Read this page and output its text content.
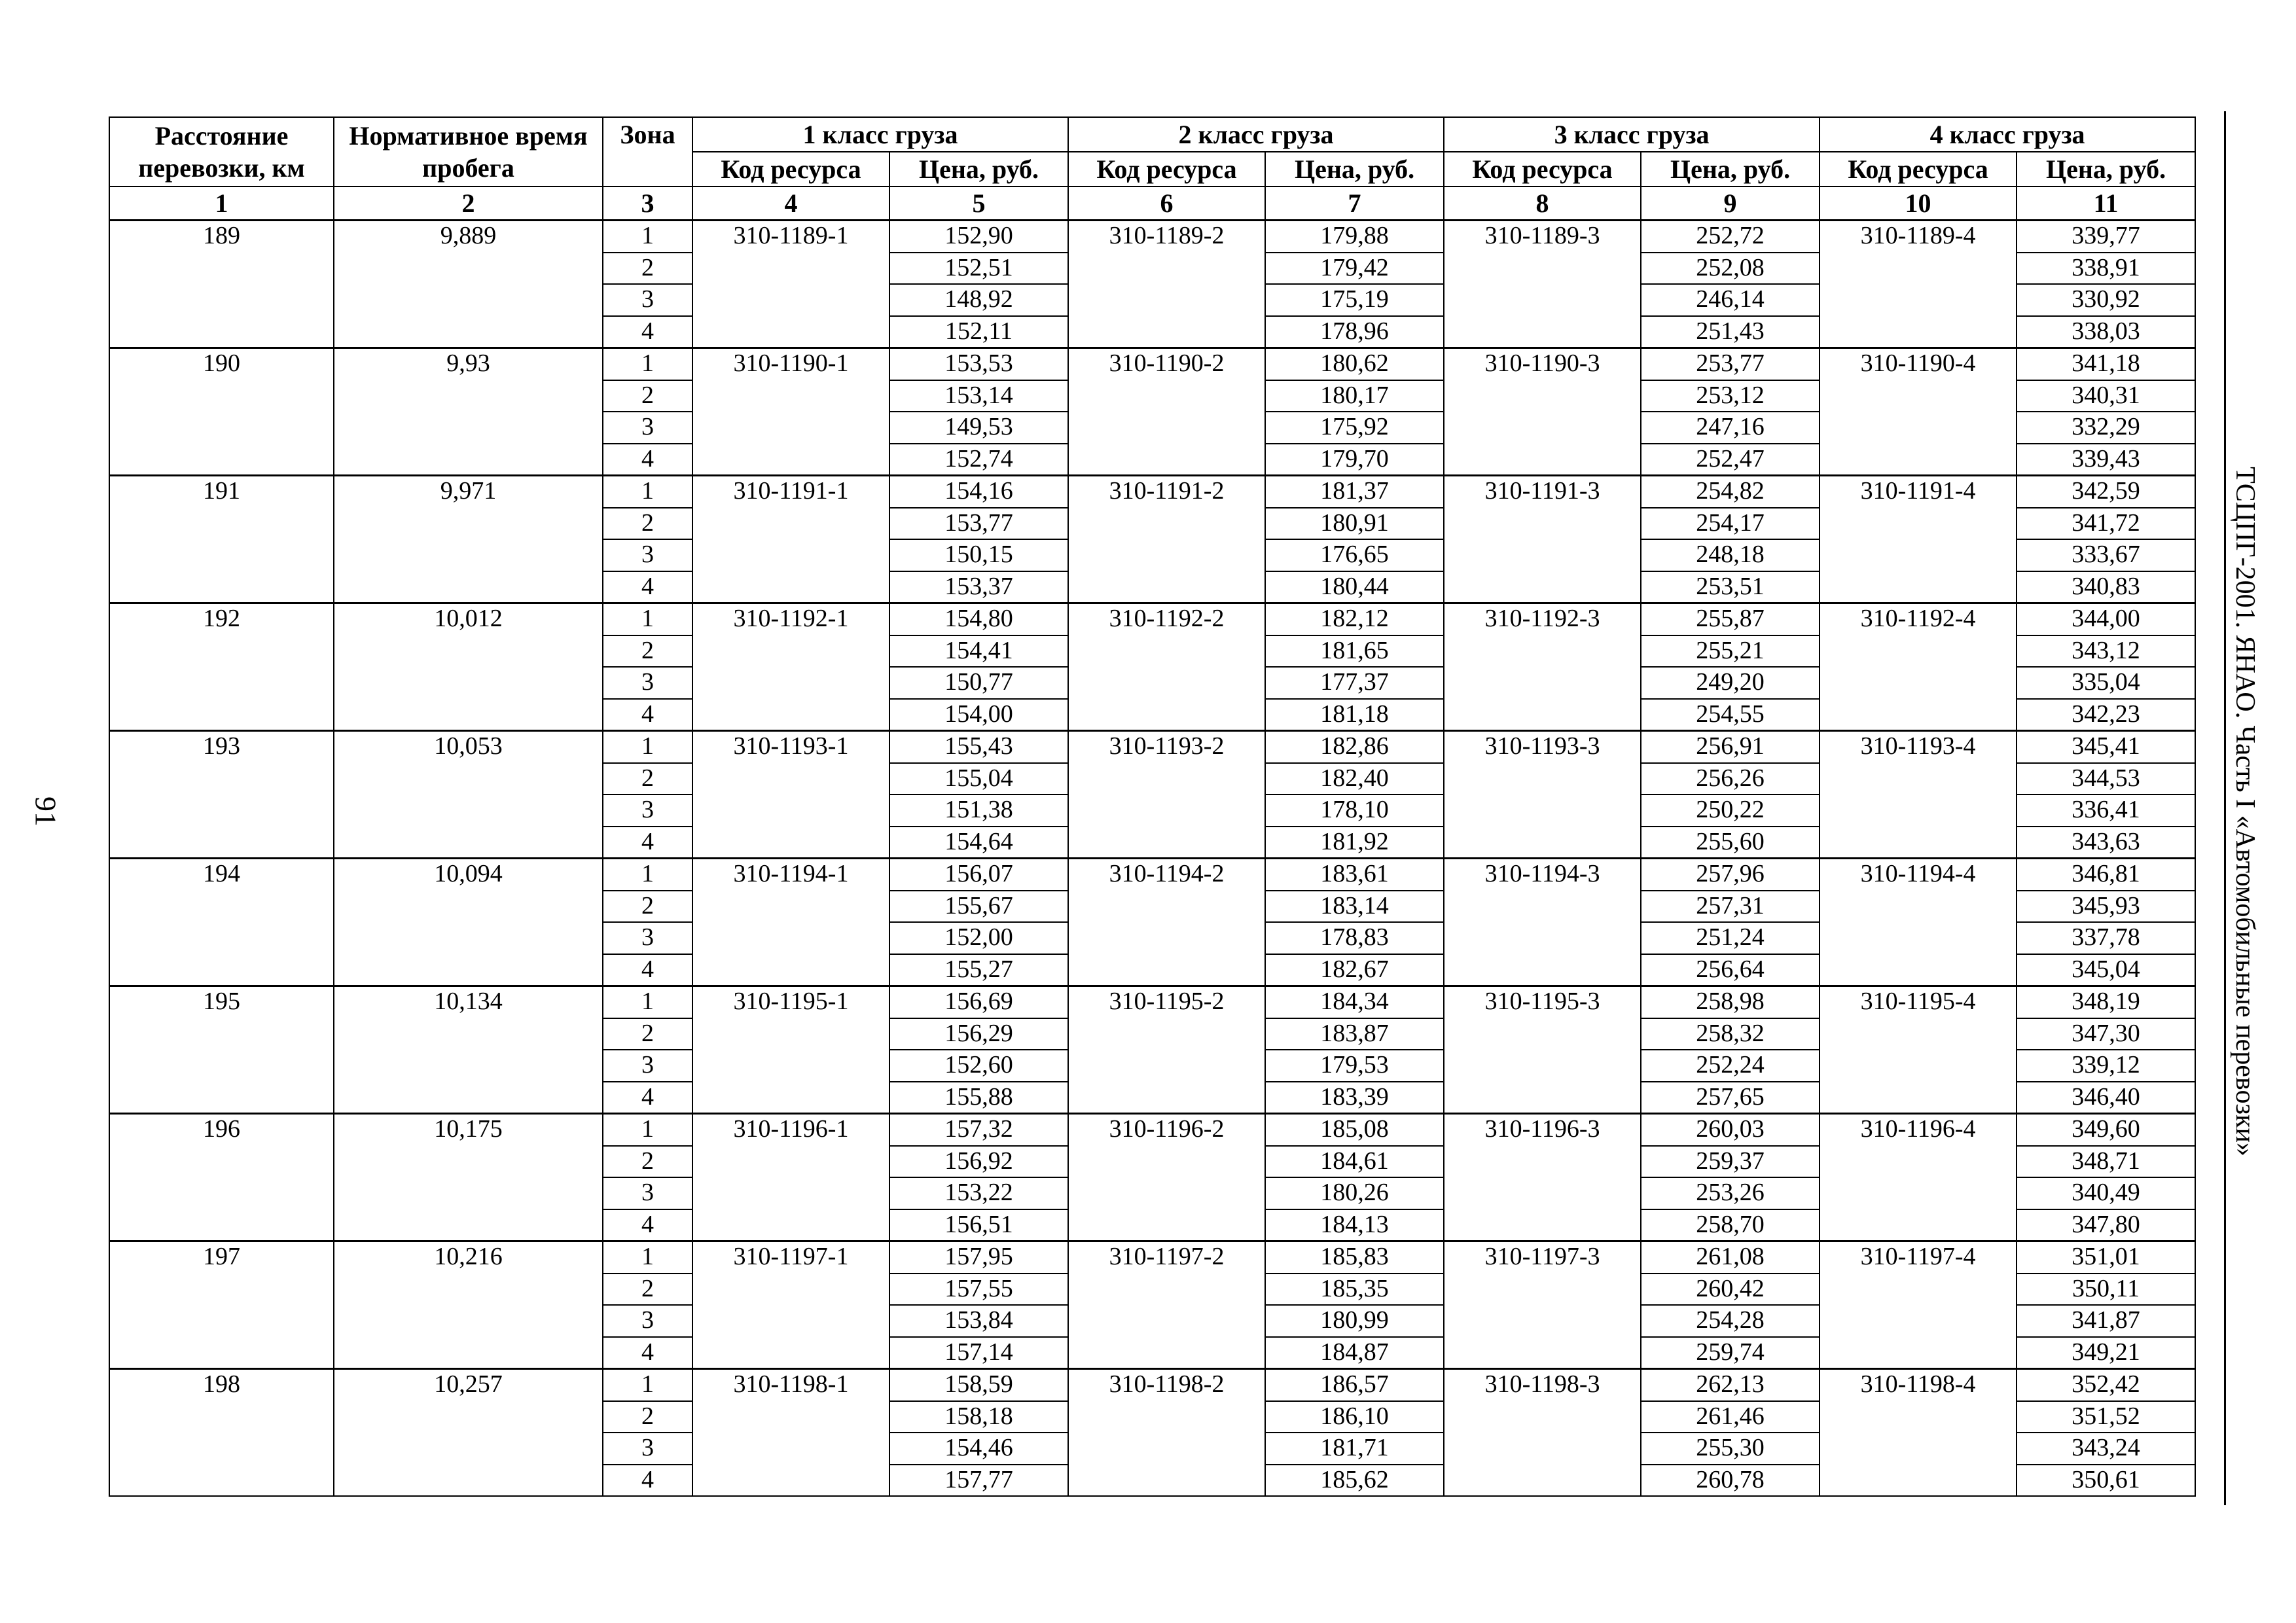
91	ТСЦПГ-2001. ЯНАО. Часть I «Автомобильные перевозки»
Расстояние перевозки, км	Нормативное время пробега	Зона	1 класс груза		2 класс груза		3 класс груза		4 класс груза	
			Код ресурса	Цена, руб.	Код ресурса	Цена, руб.	Код ресурса	Цена, руб.	Код ресурса	Цена, руб.
1	2	3	4	5	6	7	8	9	10	11
189	9,889	1	310-1189-1	152,90	310-1189-2	179,88	310-1189-3	252,72	310-1189-4	339,77
		2		152,51		179,42		252,08		338,91
		3		148,92		175,19		246,14		330,92
		4		152,11		178,96		251,43		338,03
190	9,93	1	310-1190-1	153,53	310-1190-2	180,62	310-1190-3	253,77	310-1190-4	341,18
		2		153,14		180,17		253,12		340,31
		3		149,53		175,92		247,16		332,29
		4		152,74		179,70		252,47		339,43
191	9,971	1	310-1191-1	154,16	310-1191-2	181,37	310-1191-3	254,82	310-1191-4	342,59
		2		153,77		180,91		254,17		341,72
		3		150,15		176,65		248,18		333,67
		4		153,37		180,44		253,51		340,83
192	10,012	1	310-1192-1	154,80	310-1192-2	182,12	310-1192-3	255,87	310-1192-4	344,00
		2		154,41		181,65		255,21		343,12
		3		150,77		177,37		249,20		335,04
		4		154,00		181,18		254,55		342,23
193	10,053	1	310-1193-1	155,43	310-1193-2	182,86	310-1193-3	256,91	310-1193-4	345,41
		2		155,04		182,40		256,26		344,53
		3		151,38		178,10		250,22		336,41
		4		154,64		181,92		255,60		343,63
194	10,094	1	310-1194-1	156,07	310-1194-2	183,61	310-1194-3	257,96	310-1194-4	346,81
		2		155,67		183,14		257,31		345,93
		3		152,00		178,83		251,24		337,78
		4		155,27		182,67		256,64		345,04
195	10,134	1	310-1195-1	156,69	310-1195-2	184,34	310-1195-3	258,98	310-1195-4	348,19
		2		156,29		183,87		258,32		347,30
		3		152,60		179,53		252,24		339,12
		4		155,88		183,39		257,65		346,40
196	10,175	1	310-1196-1	157,32	310-1196-2	185,08	310-1196-3	260,03	310-1196-4	349,60
		2		156,92		184,61		259,37		348,71
		3		153,22		180,26		253,26		340,49
		4		156,51		184,13		258,70		347,80
197	10,216	1	310-1197-1	157,95	310-1197-2	185,83	310-1197-3	261,08	310-1197-4	351,01
		2		157,55		185,35		260,42		350,11
		3		153,84		180,99		254,28		341,87
		4		157,14		184,87		259,74		349,21
198	10,257	1	310-1198-1	158,59	310-1198-2	186,57	310-1198-3	262,13	310-1198-4	352,42
		2		158,18		186,10		261,46		351,52
		3		154,46		181,71		255,30		343,24
		4		157,77		185,62		260,78		350,61
